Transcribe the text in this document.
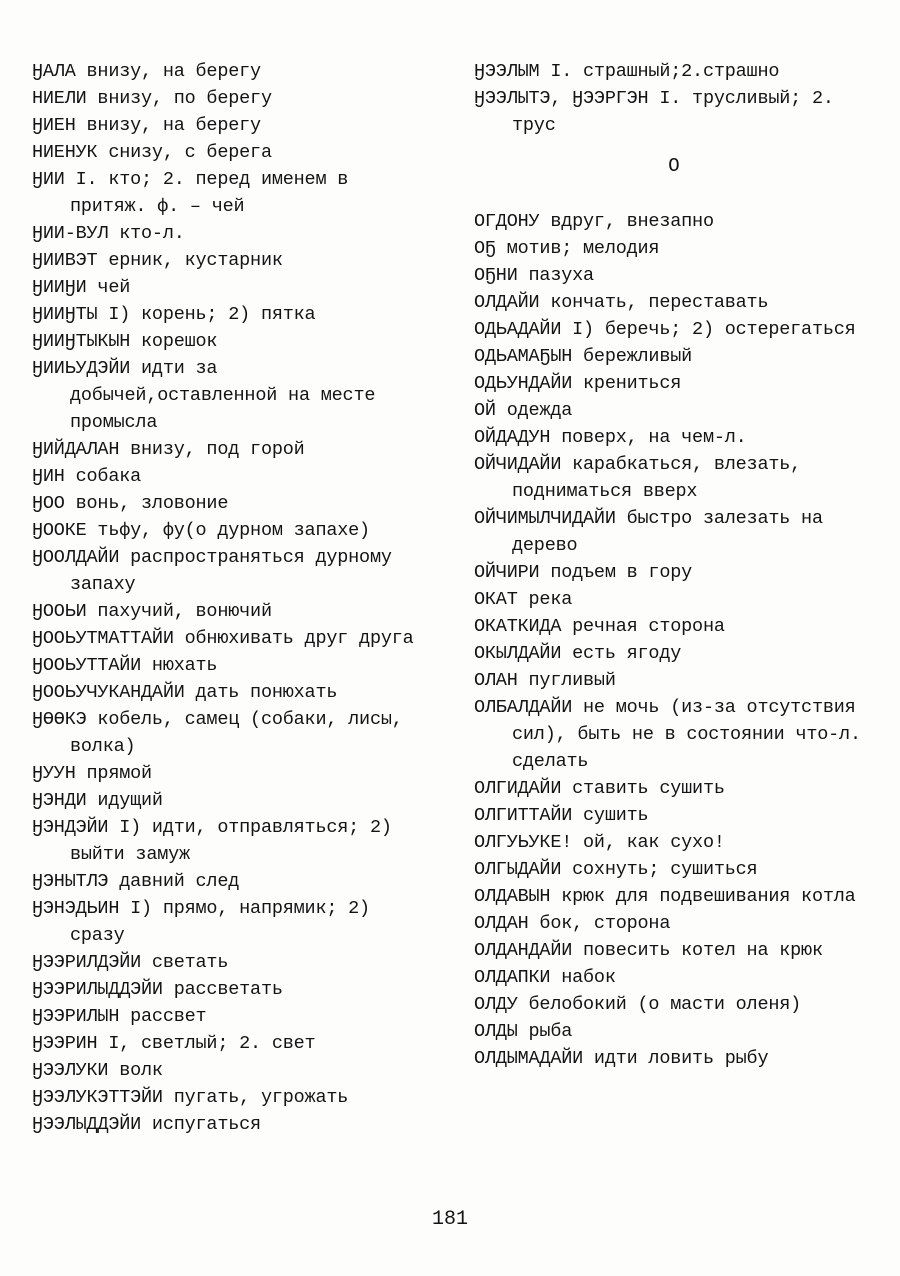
ӇАЛА внизу, на берегу
НИЕЛИ внизу, по берегу
ӇИЕН внизу, на берегу
НИЕНУК снизу, с берега
ӇИИ I. кто; 2. перед именем в притяж. ф. – чей
ӇИИ-ВУЛ кто-л.
ӇИИВЭТ ерник, кустарник
ӇИИӇИ чей
ӇИИӇТЫ I) корень; 2) пятка
ӇИИӇТЫКЫН корешок
ӇИИЬУДЭЙИ идти за добычей,оставленной на месте промысла
ӇИЙДАЛАН внизу, под горой
ӇИН собака
ӇОО вонь, зловоние
ӇООКЕ тьфу, фу(о дурном запахе)
ӇООЛДАЙИ распространяться дурному запаху
ӇООЬИ пахучий, вонючий
ӇООЬУТМАТТАЙИ обнюхивать друг друга
ӇООЬУТТАЙИ нюхать
ӇООЬУЧУКАНДАЙИ дать понюхать
ӇӨӨКЭ кобель, самец (собаки, лисы, волка)
ӇУУН прямой
ӇЭНДИ идущий
ӇЭНДЭЙИ I) идти, отправляться; 2) выйти замуж
ӇЭНЫТЛЭ давний след
ӇЭНЭДЬИН I) прямо, напрямик; 2) сразу
ӇЭЭРИЛДЭЙИ светать
ӇЭЭРИЛЫДДЭЙИ рассветать
ӇЭЭРИЛЫН рассвет
ӇЭЭРИН I, светлый; 2. свет
ӇЭЭЛУКИ волк
ӇЭЭЛУКЭТТЭЙИ пугать, угрожать
ӇЭЭЛЫДДЭЙИ испугаться
ӇЭЭЛЫМ I. страшный;2.страшно
ӇЭЭЛЫТЭ, ӇЭЭРГЭН I. трусливый; 2. трус
О
ОГДОНУ вдруг, внезапно
ОҔ мотив; мелодия
ОҔНИ пазуха
ОЛДАЙИ кончать, переставать
ОДЬАДАЙИ I) беречь; 2) остерегаться
ОДЬАМАҔЫН бережливый
ОДЬУНДАЙИ крениться
ОЙ одежда
ОЙДАДУН поверх, на чем-л.
ОЙЧИДАЙИ карабкаться, влезать, подниматься вверх
ОЙЧИМЫЛЧИДАЙИ быстро залезать на дерево
ОЙЧИРИ подъем в гору
ОКАТ река
ОКАТКИДА речная сторона
ОКЫЛДАЙИ есть ягоду
ОЛАН пугливый
ОЛБАЛДАЙИ не мочь (из-за отсутствия сил), быть не в состоянии что-л. сделать
ОЛГИДАЙИ ставить сушить
ОЛГИТТАЙИ сушить
ОЛГУЬУКЕ! ой, как сухо!
ОЛГЫДАЙИ сохнуть; сушиться
ОЛДАВЫН крюк для подвешивания котла
ОЛДАН бок, сторона
ОЛДАНДАЙИ повесить котел на крюк
ОЛДАПКИ набок
ОЛДУ белобокий (о масти оленя)
ОЛДЫ рыба
ОЛДЫМАДАЙИ идти ловить рыбу
181
